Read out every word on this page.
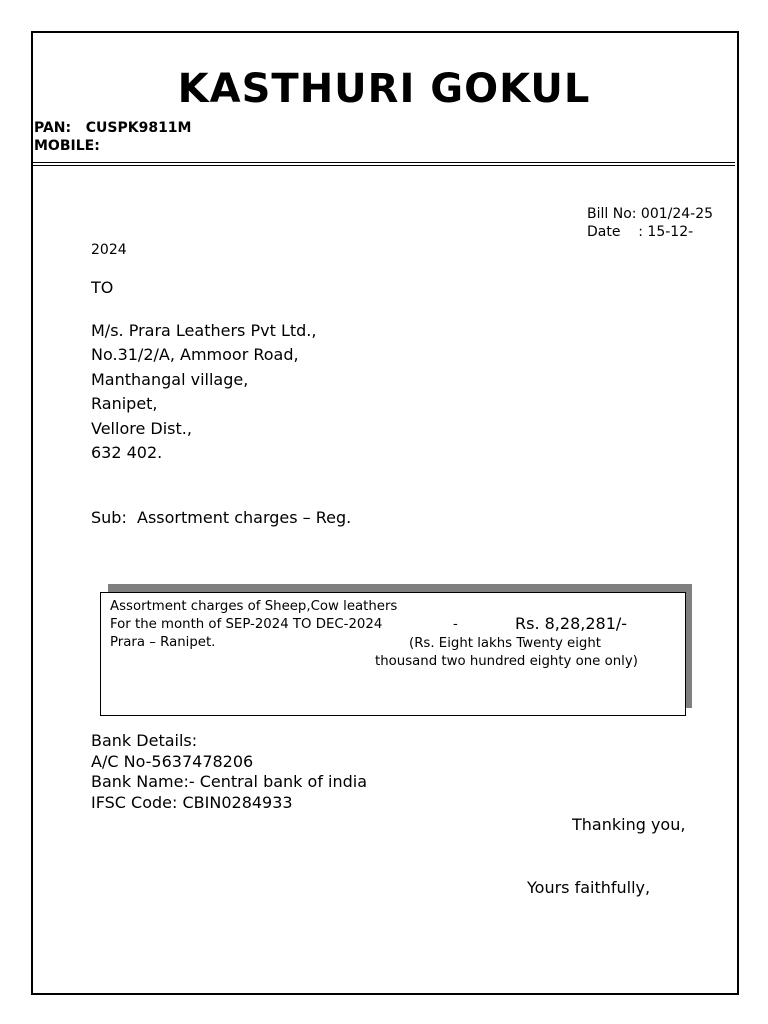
KASTHURI GOKUL
PAN:   CUSPK9811M
MOBILE:
Bill No: 001/24-25
Date    : 15-12-
2024
TO
M/s. Prara Leathers Pvt Ltd.,
No.31/2/A, Ammoor Road,
Manthangal village,
Ranipet,
Vellore Dist.,
632 402.
Sub:  Assortment charges – Reg.
Assortment charges of Sheep,Cow leathers
For the month of SEP-2024 TO DEC-2024	-	Rs. 8,28,281/-
Prara – Ranipet.	(Rs. Eight lakhs Twenty eight
thousand two hundred eighty one only)
Bank Details:
A/C No-5637478206
Bank Name:- Central bank of india
IFSC Code: CBIN0284933
Thanking you,
Yours faithfully,
